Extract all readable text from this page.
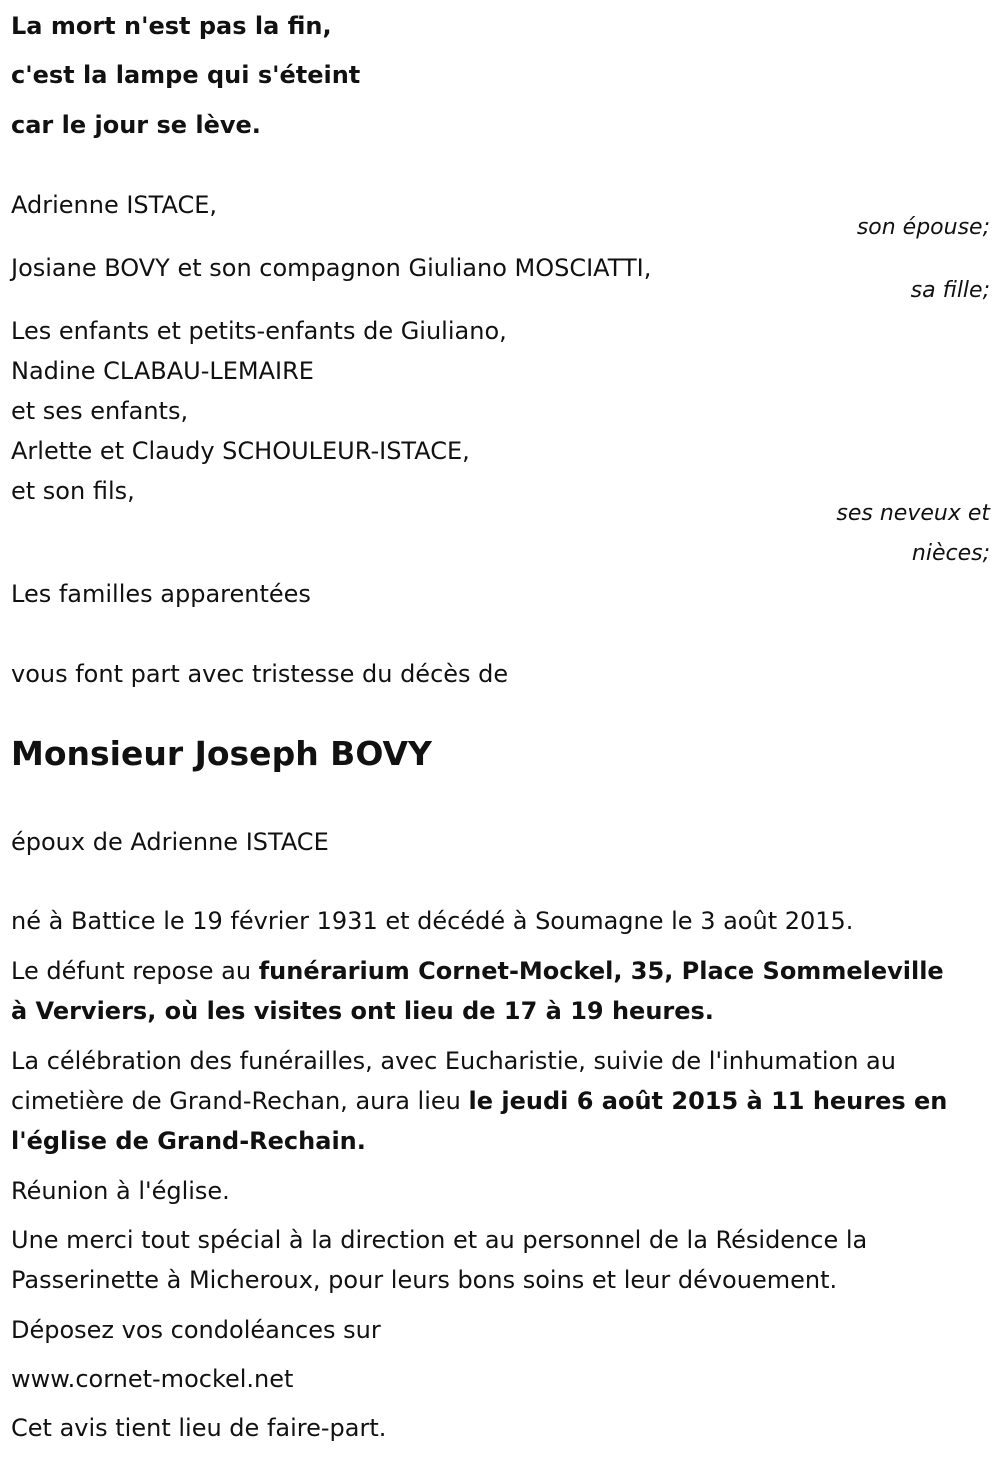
La mort n'est pas la fin,

c'est la lampe qui s'éteint

car le jour se lève.

Adrienne ISTACE,

son épouse;

Josiane BOVY et son compagnon Giuliano MOSCIATTI,

sa fille;

Les enfants et petits-enfants de Giuliano,

Nadine CLABAU-LEMAIRE

et ses enfants,

Arlette et Claudy SCHOULEUR-ISTACE,

et son fils,

ses neveux et

nièces;

Les familles apparentées

vous font part avec tristesse du décès de

Monsieur Joseph BOVY

époux de Adrienne ISTACE

né à Battice le 19 février 1931 et décédé à Soumagne le 3 août 2015.

Le défunt repose au funérarium Cornet-Mockel, 35, Place Sommeleville

à Verviers, où les visites ont lieu de 17 à 19 heures.

La célébration des funérailles, avec Eucharistie, suivie de l'inhumation au

cimetière de Grand-Rechan, aura lieu le jeudi 6 août 2015 à 11 heures en

l'église de Grand-Rechain.

Réunion à l'église.

Une merci tout spécial à la direction et au personnel de la Résidence la

Passerinette à Micheroux, pour leurs bons soins et leur dévouement.

Déposez vos condoléances sur

www.cornet-mockel.net

Cet avis tient lieu de faire-part.
